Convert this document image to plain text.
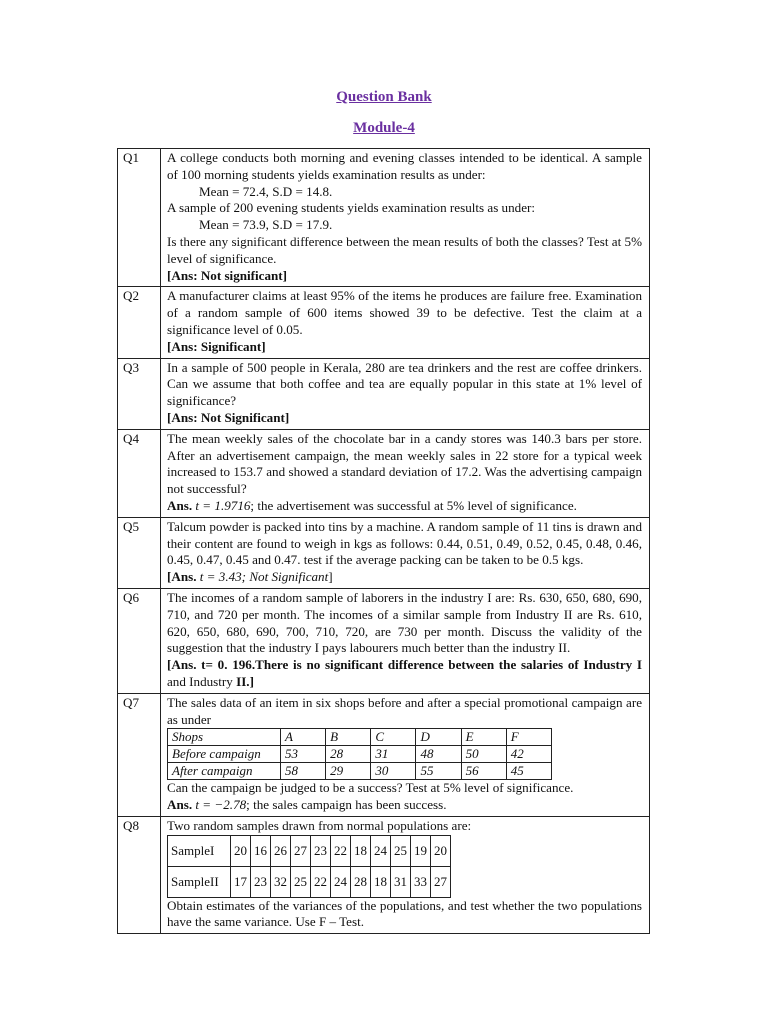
Question Bank
Module-4
Q1	A college conducts both morning and evening classes intended to be identical. A sample of 100 morning students yields examination results as under:
Mean = 72.4, S.D = 14.8.
A sample of 200 evening students yields examination results as under:
Mean = 73.9, S.D = 17.9.
Is there any significant difference between the mean results of both the classes? Test at 5% level of significance.
[Ans: Not significant]

Q2	A manufacturer claims at least 95% of the items he produces are failure free. Examination of a random sample of 600 items showed 39 to be defective. Test the claim at a significance level of 0.05.
[Ans: Significant]

Q3	In a sample of 500 people in Kerala, 280 are tea drinkers and the rest are coffee drinkers. Can we assume that both coffee and tea are equally popular in this state at 1% level of significance?
[Ans: Not Significant]

Q4	The mean weekly sales of the chocolate bar in a candy stores was 140.3 bars per store. After an advertisement campaign, the mean weekly sales in 22 store for a typical week increased to 153.7 and showed a standard deviation of 17.2. Was the advertising campaign not successful?
Ans. t = 1.9716; the advertisement was successful at 5% level of significance.

Q5	Talcum powder is packed into tins by a machine. A random sample of 11 tins is drawn and their content are found to weigh in kgs as follows: 0.44, 0.51, 0.49, 0.52, 0.45, 0.48, 0.46, 0.45, 0.47, 0.45 and 0.47. test if the average packing can be taken to be 0.5 kgs.
[Ans. t = 3.43; Not Significant]

Q6	The incomes of a random sample of laborers in the industry I are: Rs. 630, 650, 680, 690, 710, and 720 per month. The incomes of a similar sample from Industry II are Rs. 610, 620, 650, 680, 690, 700, 710, 720, are 730 per month. Discuss the validity of the suggestion that the industry I pays labourers much better than the industry II.
[Ans. t= 0. 196.There is no significant difference between the salaries of Industry I and Industry II.]

Q7	The sales data of an item in six shops before and after a special promotional campaign are as under
Shops	A	B	C	D	E	F
Before campaign	53	28	31	48	50	42
After campaign	58	29	30	55	56	45
Can the campaign be judged to be a success? Test at 5% level of significance.
Ans. t = −2.78; the sales campaign has been success.

Q8	Two random samples drawn from normal populations are:
SampleI	20	16	26	27	23	22	18	24	25	19	20
SampleII	17	23	32	25	22	24	28	18	31	33	27
Obtain estimates of the variances of the populations, and test whether the two populations have the same variance. Use F – Test.
